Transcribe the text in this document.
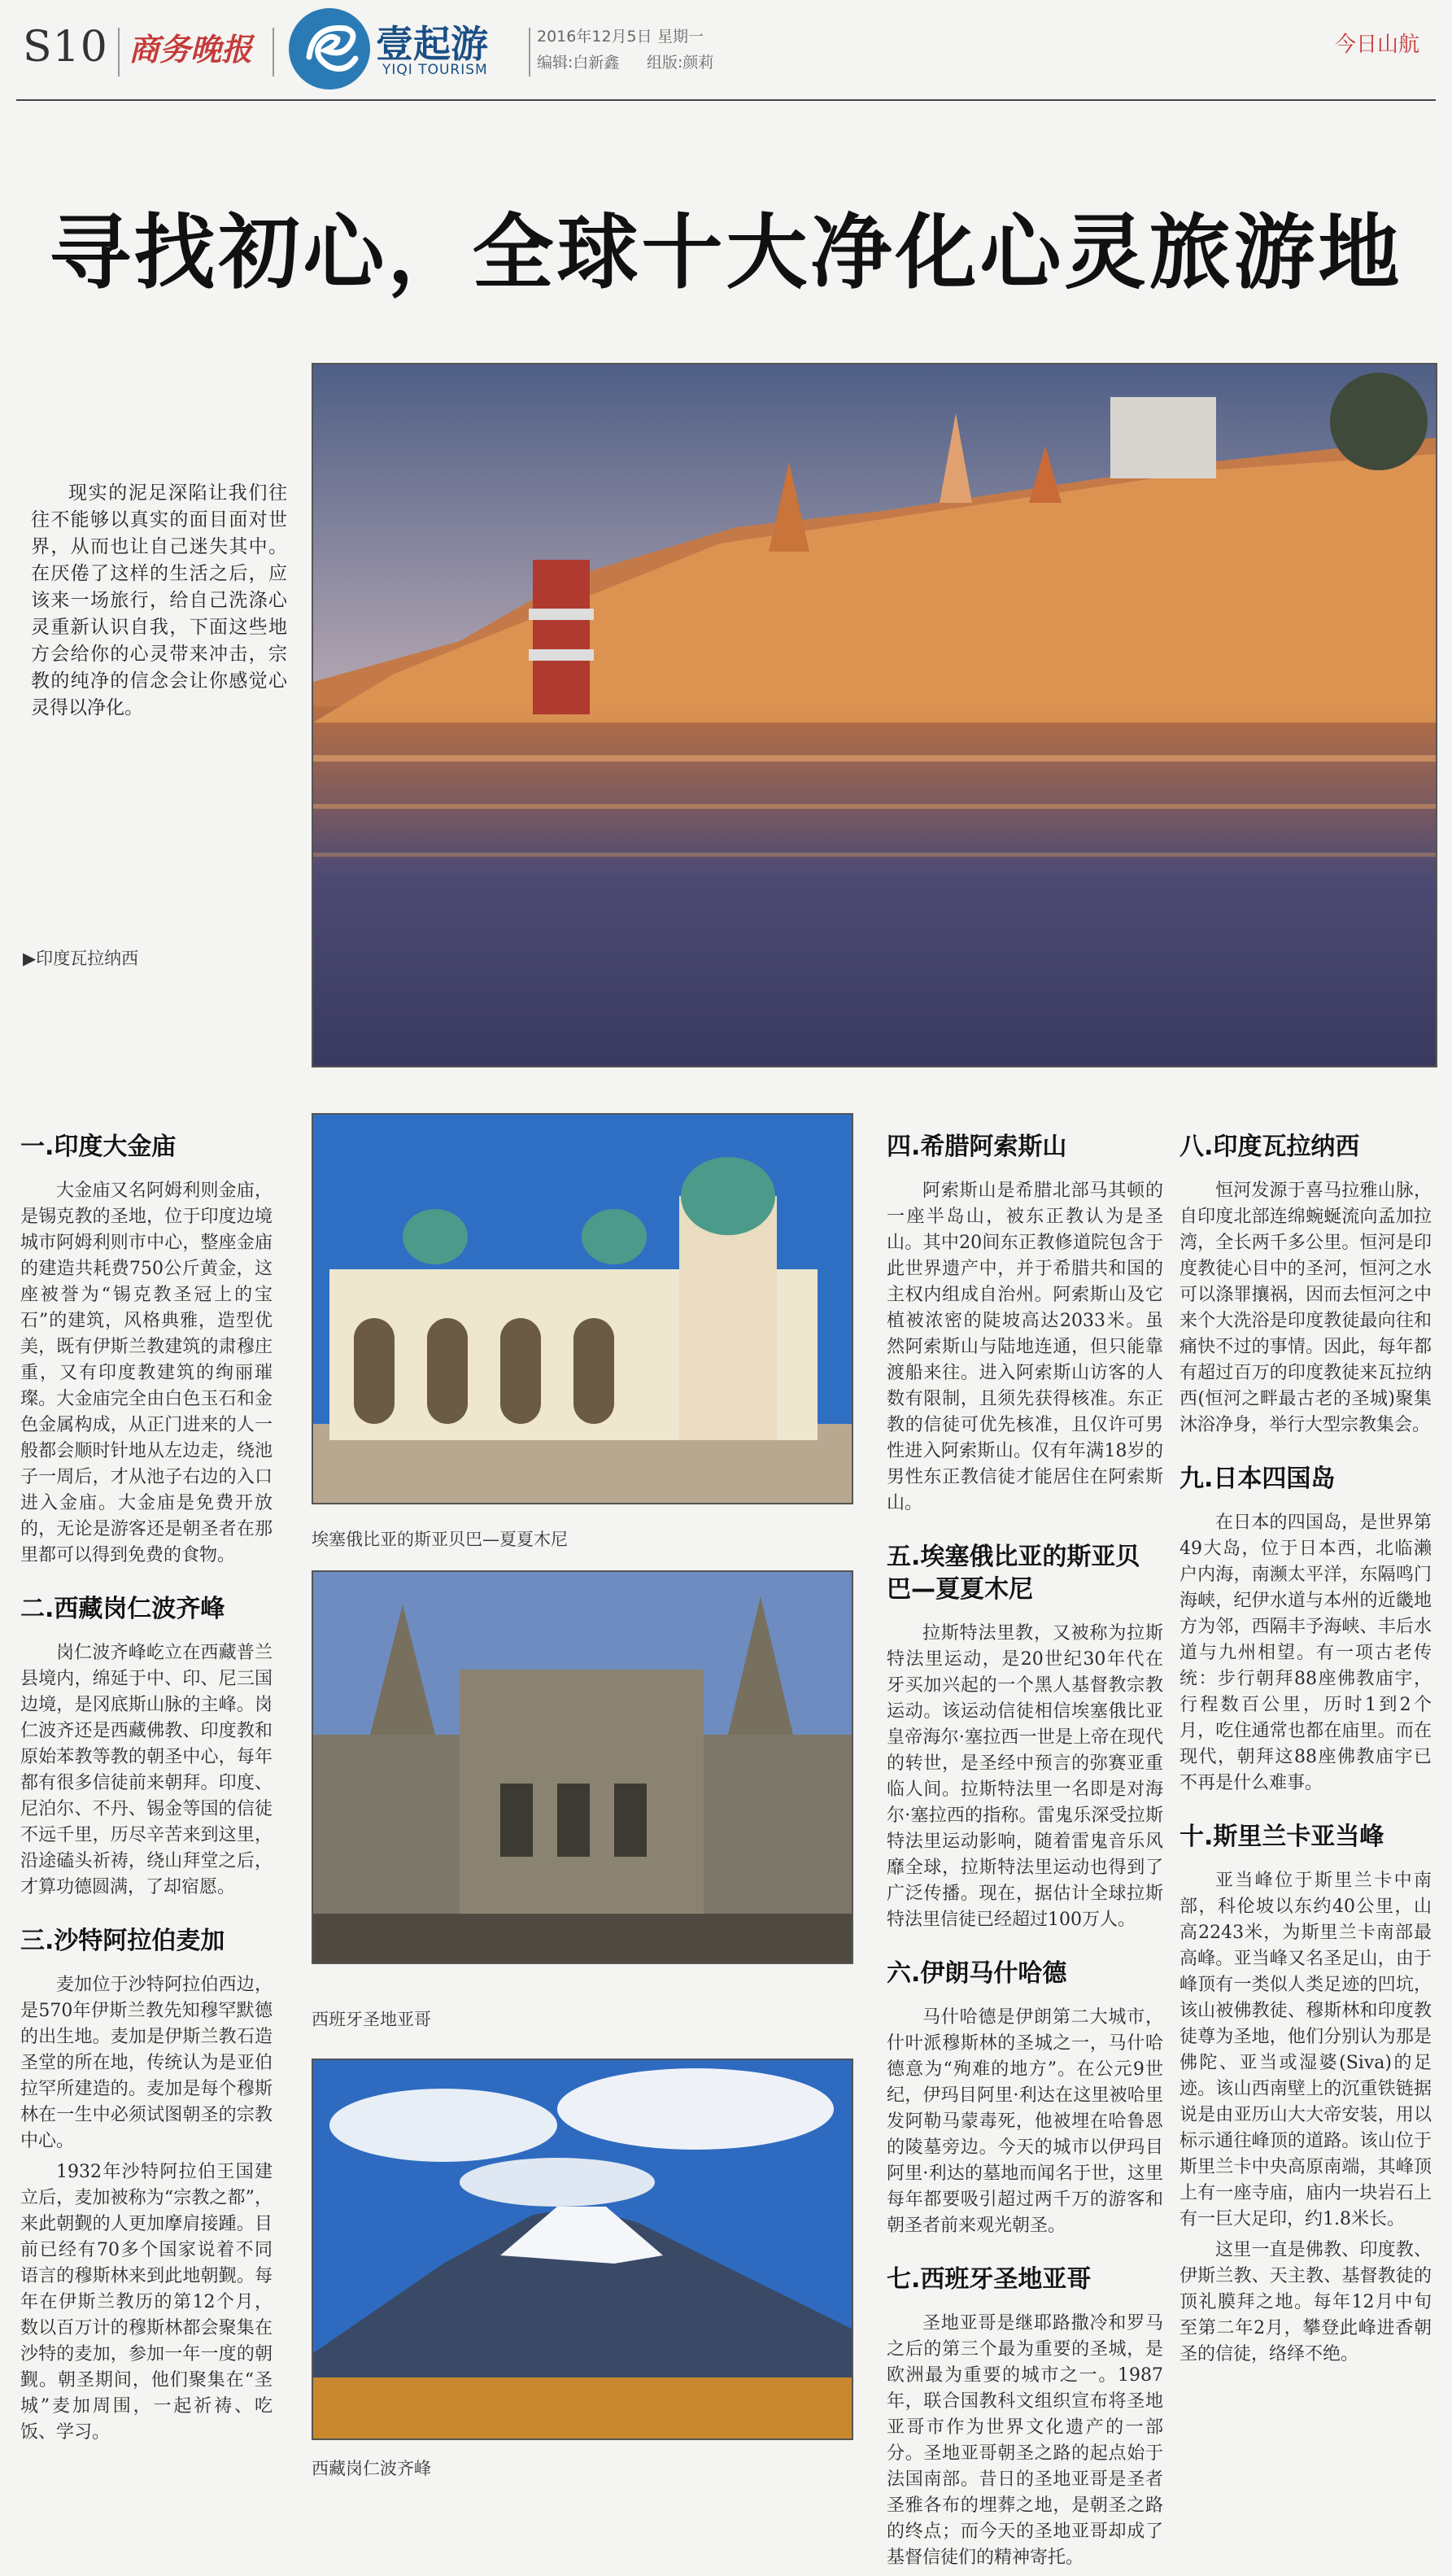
S10 商务晚报	壹起游
YIQI TOURISM
2016年12月5日 星期一
编辑:白新鑫 组版:颜莉
今日山航
寻找初心，全球十大净化心灵旅游地
现实的泥足深陷让我们往往不能够以真实的面目面对世界，从而也让自己迷失其中。在厌倦了这样的生活之后，应该来一场旅行，给自己洗涤心灵重新认识自我，下面这些地方会给你的心灵带来冲击，宗教的纯净的信念会让你感觉心灵得以净化。
▶印度瓦拉纳西
埃塞俄比亚的斯亚贝巴—夏夏木尼
西班牙圣地亚哥
西藏岗仁波齐峰
一.印度大金庙

大金庙又名阿姆利则金庙，是锡克教的圣地，位于印度边境城市阿姆利则市中心，整座金庙的建造共耗费750公斤黄金，这座被誉为“锡克教圣冠上的宝石”的建筑，风格典雅，造型优美，既有伊斯兰教建筑的肃穆庄重，又有印度教建筑的绚丽璀璨。大金庙完全由白色玉石和金色金属构成，从正门进来的人一般都会顺时针地从左边走，绕池子一周后，才从池子右边的入口进入金庙。大金庙是免费开放的，无论是游客还是朝圣者在那里都可以得到免费的食物。

二.西藏岗仁波齐峰

岗仁波齐峰屹立在西藏普兰县境内，绵延于中、印、尼三国边境，是冈底斯山脉的主峰。岗仁波齐还是西藏佛教、印度教和原始苯教等教的朝圣中心，每年都有很多信徒前来朝拜。印度、尼泊尔、不丹、锡金等国的信徒不远千里，历尽辛苦来到这里，沿途磕头祈祷，绕山拜堂之后，才算功德圆满，了却宿愿。

三.沙特阿拉伯麦加

麦加位于沙特阿拉伯西边，是570年伊斯兰教先知穆罕默德的出生地。麦加是伊斯兰教石造圣堂的所在地，传统认为是亚伯拉罕所建造的。麦加是每个穆斯林在一生中必须试图朝圣的宗教中心。

1932年沙特阿拉伯王国建立后，麦加被称为“宗教之都”，来此朝觐的人更加摩肩接踵。目前已经有70多个国家说着不同语言的穆斯林来到此地朝觐。每年在伊斯兰教历的第12个月，数以百万计的穆斯林都会聚集在沙特的麦加，参加一年一度的朝觐。朝圣期间，他们聚集在“圣城”麦加周围，一起祈祷、吃饭、学习。

四.希腊阿索斯山

阿索斯山是希腊北部马其顿的一座半岛山，被东正教认为是圣山。其中20间东正教修道院包含于此世界遗产中，并于希腊共和国的主权内组成自治州。阿索斯山及它植被浓密的陡坡高达2033米。虽然阿索斯山与陆地连通，但只能靠渡船来往。进入阿索斯山访客的人数有限制，且须先获得核准。东正教的信徒可优先核准，且仅许可男性进入阿索斯山。仅有年满18岁的男性东正教信徒才能居住在阿索斯山。

五.埃塞俄比亚的斯亚贝巴—夏夏木尼

拉斯特法里教，又被称为拉斯特法里运动，是20世纪30年代在牙买加兴起的一个黑人基督教宗教运动。该运动信徒相信埃塞俄比亚皇帝海尔·塞拉西一世是上帝在现代的转世，是圣经中预言的弥赛亚重临人间。拉斯特法里一名即是对海尔·塞拉西的指称。雷鬼乐深受拉斯特法里运动影响，随着雷鬼音乐风靡全球，拉斯特法里运动也得到了广泛传播。现在，据估计全球拉斯特法里信徒已经超过100万人。

六.伊朗马什哈德

马什哈德是伊朗第二大城市，什叶派穆斯林的圣城之一，马什哈德意为“殉难的地方”。在公元9世纪，伊玛目阿里·利达在这里被哈里发阿勒马蒙毒死，他被埋在哈鲁恩的陵墓旁边。今天的城市以伊玛目阿里·利达的墓地而闻名于世，这里每年都要吸引超过两千万的游客和朝圣者前来观光朝圣。

七.西班牙圣地亚哥

圣地亚哥是继耶路撒冷和罗马之后的第三个最为重要的圣城，是欧洲最为重要的城市之一。1987年，联合国教科文组织宣布将圣地亚哥市作为世界文化遗产的一部分。圣地亚哥朝圣之路的起点始于法国南部。昔日的圣地亚哥是圣者圣雅各布的埋葬之地，是朝圣之路的终点；而今天的圣地亚哥却成了基督信徒们的精神寄托。

八.印度瓦拉纳西

恒河发源于喜马拉雅山脉，自印度北部连绵蜿蜒流向孟加拉湾，全长两千多公里。恒河是印度教徒心目中的圣河，恒河之水可以涤罪攘祸，因而去恒河之中来个大洗浴是印度教徒最向往和痛快不过的事情。因此，每年都有超过百万的印度教徒来瓦拉纳西(恒河之畔最古老的圣城)聚集沐浴净身，举行大型宗教集会。

九.日本四国岛

在日本的四国岛，是世界第49大岛，位于日本西，北临濑户内海，南濒太平洋，东隔鸣门海峡，纪伊水道与本州的近畿地方为邻，西隔丰予海峡、丰后水道与九州相望。有一项古老传统：步行朝拜88座佛教庙宇，行程数百公里，历时1到2个月，吃住通常也都在庙里。而在现代，朝拜这88座佛教庙宇已不再是什么难事。

十.斯里兰卡亚当峰

亚当峰位于斯里兰卡中南部，科伦坡以东约40公里，山高2243米，为斯里兰卡南部最高峰。亚当峰又名圣足山，由于峰顶有一类似人类足迹的凹坑，该山被佛教徒、穆斯林和印度教徒尊为圣地，他们分别认为那是佛陀、亚当或湿婆(Siva)的足迹。该山西南壁上的沉重铁链据说是由亚历山大大帝安装，用以标示通往峰顶的道路。该山位于斯里兰卡中央高原南端，其峰顶上有一座寺庙，庙内一块岩石上有一巨大足印，约1.8米长。

这里一直是佛教、印度教、伊斯兰教、天主教、基督教徒的顶礼膜拜之地。每年12月中旬至第二年2月，攀登此峰进香朝圣的信徒，络绎不绝。
